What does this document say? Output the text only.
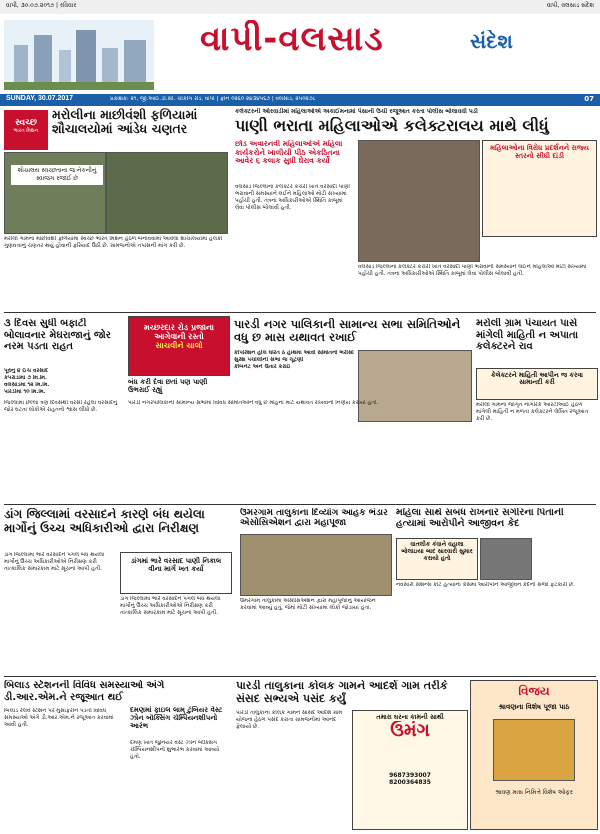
વાપી, ૩૦.૦૭.૨૦૧૭ | રવિવાર	વાપી, વલસાડ સંદેશ
વાપી-વલસાડ	સંદેશ
SUNDAY, 30.07.2017	પ્રકાશક: ૨૧, જી.આઈ.ડી.સી. ચોકીંગ રોડ, વાપી | ફોન ૦૨૬૦ ૨૪૩૪૫૬૭ | વલસાડ, ૨૫૦૨૭૮	07
સ્વચ્છ
ભારત મિશન
મરોલીના માછીવંશી ફળિયામાં શૌચાલયોમાં આંડેધ ચણતર
શૌચાલય સ્વચ્છતાના જ નેકનીનું સ્વાજગ રજાઈ છે
મરોલી ગામના માછીવંશી ફળિયામાં સ્વચ્છ ભારત મિશન હેઠળ બનાવવામાં આવેલા શૌચાલયોમાં હલકી ગુણવત્તાનું ચણતર થયું હોવાની ફરિયાદ ઉઠી છે. ગ્રામજનોએ તપાસની માંગ કરી છે.
કલેક્ટરની ઓરવાડીમાં મહિલાઓએ અકાઈમનામાં પૈસાની ઉંચી રજૂઆત કરતા પોલીસ બોલાવવી પડી
પાણી ભરાતા મહિલાઓએ કલેક્ટરાલય માથે લીધું
છોડ અવારનવી મહિલાઓએ મહિલા કાર્યકરોને ખાલીયી પીઠ એકઠિતના આવેર ૬ કલાક સુધી ઘેરાવ કર્યો
વલસાડ જિલ્લાના કલેક્ટર કચેરી ખાતે વરસાદી પાણી ભરાવાની સમસ્યાને લઈને મહિલાઓ મોટી સંખ્યામાં પહોંચી હતી. તંત્રના અધિકારીઓએ સ્થિતિ કાબૂમાં લેવા પોલીસ બોલાવી હતી.
મહિલાઓના વિરોધ પ્રદર્શનને રાજ્ય સ્તરનો સીધી દાંડી
વલસાડ જિલ્લાના કલેક્ટર કચેરી ખાતે વરસાદી પાણી ભરાવાની સમસ્યાને લઈને મહિલાઓ મોટી સંખ્યામાં પહોંચી હતી. તંત્રના અધિકારીઓએ સ્થિતિ કાબૂમાં લેવા પોલીસ બોલાવી હતી.
૩ દિવસ સુધી બફાટી બોલાવનાર મેઘરાજાનું જોર નરમ પડતા રાહત
પૂર્વનું ૪ ઈંચ વરસાદ
કપરાડામાં ૭ મિ.મિ.
વલસાડમાં ૧૨ મિ.મિ.
પારડીમાં ૧૦ મિ.મિ.
જિલ્લામાં છેલ્લા ત્રણ દિવસથી વરસી રહેલા વરસાદનું જોર ઘટતા લોકોએ રાહતનો શ્વાસ લીધો છે.
મચ્છરદાર રોડ પ્રજાના આગેવાની રસ્તો
સાચવીને ચાલો
બંધ કરી દેવા છતાં પણ પાણી ઉભરાઈ રહ્યું
પારડી નગર પાલિકાની સામાન્ય સભા સમિતિઓને વધુ છ માસ યથાવત રખાઈ
કોર્પોરેશન હોલ ઘરિત ઠ હાથમાં આવી સમિતિનો ભરોસો
સુરેશ પંચોલીની સભા જ ચૂંટણી
કેબિનેટ અને ઉતાર કરાઈ
પારડી નગરપાલિકાની સામાન્ય સભામાં વિવિધ સમિતિઓને વધુ છ મહિના માટે યથાવત રાખવાનો નિર્ણય કરાયો હતો.
મરોલી ગ્રામ પંચાયત પાસે માંગેલી માહિતી ન અપાતા કલેક્ટરને રાવ
કેલેક્ટરને માહિતી આપીન જ કરવા સામાનદી કરી
મરોલી ગામના જાગૃત નાગરિકે આરટીઆઈ હેઠળ માંગેલી માહિતી ન મળતા કલેક્ટરને લેખિત રજૂઆત કરી છે.
ડાંગ જિલ્લામાં વરસાદને કારણે બંધ થયેલા માર્ગોનું ઉચ્ચ અધિકારીઓ દ્વારા નિરીક્ષણ
ડાંગમાં ભારે વરસાદ પાણી નિકાલ વીના માર્ગ ખત કર્યા
ડાંગ જિલ્લામાં ભારે વરસાદને પગલે બંધ થયેલા માર્ગોનું ઉચ્ચ અધિકારીઓએ નિરીક્ષણ કરી તાત્કાલિક સમારકામ માટે સૂચના આપી હતી.
ડાંગ જિલ્લામાં ભારે વરસાદને પગલે બંધ થયેલા માર્ગોનું ઉચ્ચ અધિકારીઓએ નિરીક્ષણ કરી તાત્કાલિક સમારકામ માટે સૂચના આપી હતી.
ઉમરગામ તાલુકાના દિવ્યાંગ આહક ભંડાર એસોસિએશન દ્વારા મહાપૂજા
ઉમરગામ તાલુકામાં એસોસિએશન દ્વારા મહાપૂજાનું આયોજન કરવામાં આવ્યું હતું, જેમાં મોટી સંખ્યામાં લોકો જોડાયા હતા.
મહિલા સાથે સંબંધ રાખનાર સગીરના પિતાની હત્યામાં આરોપીને આજીવન કેદ
વાતલીક કંવાને વહાલા બોલાઇયા બાદ સારવારી સુમાર કરાયો હતો
નવસારી સેશન્સ કોર્ટે હત્યાના કેસમાં આરોપીને આજીવન કેદની સજા ફટકારી છે.
બિલાડ સ્ટેશનની વિવિધ સમસ્યાઓ અંગે ડી.આર.એમ.ને રજૂઆત થઈ
બિલાડ રેલવે સ્ટેશન પર મુસાફરોને પડતી વિવિધ સમસ્યાઓ અંગે ડી.આર.એમ.ને રજૂઆત કરવામાં આવી હતી.
દમણમાં ફાઇલ લામ્ ટુંબિયર વેસ્ટ ઝોન બૉક્સિંગ ચૅમ્પિયનશીપનો આરંભ
દમણ ખાતે જુનિયર વેસ્ટ ઝોન બૉક્સિંગ ચૅમ્પિયનશીપનો શુભારંભ કરવામાં આવ્યો હતો.
પારડી તાલુકાના કોલક ગામને આદર્શ ગામ તરીકે સંસદ સભ્યએ પસંદ કર્યું
પારડી તાલુકાના કોલક ગામને સાંસદ આદર્શ ગ્રામ યોજના હેઠળ પસંદ કરાતા ગ્રામજનોમાં આનંદ ફેલાયો છે.
તમારા ઘરના કામની સાથી
ઉમંગ
9687393007
8200364835
વિજય
શ્રાવણના વિશેષ પૂજા પાઠ
શ્રાવણ માસ નિમિત્તે વિશેષ ઓફર
